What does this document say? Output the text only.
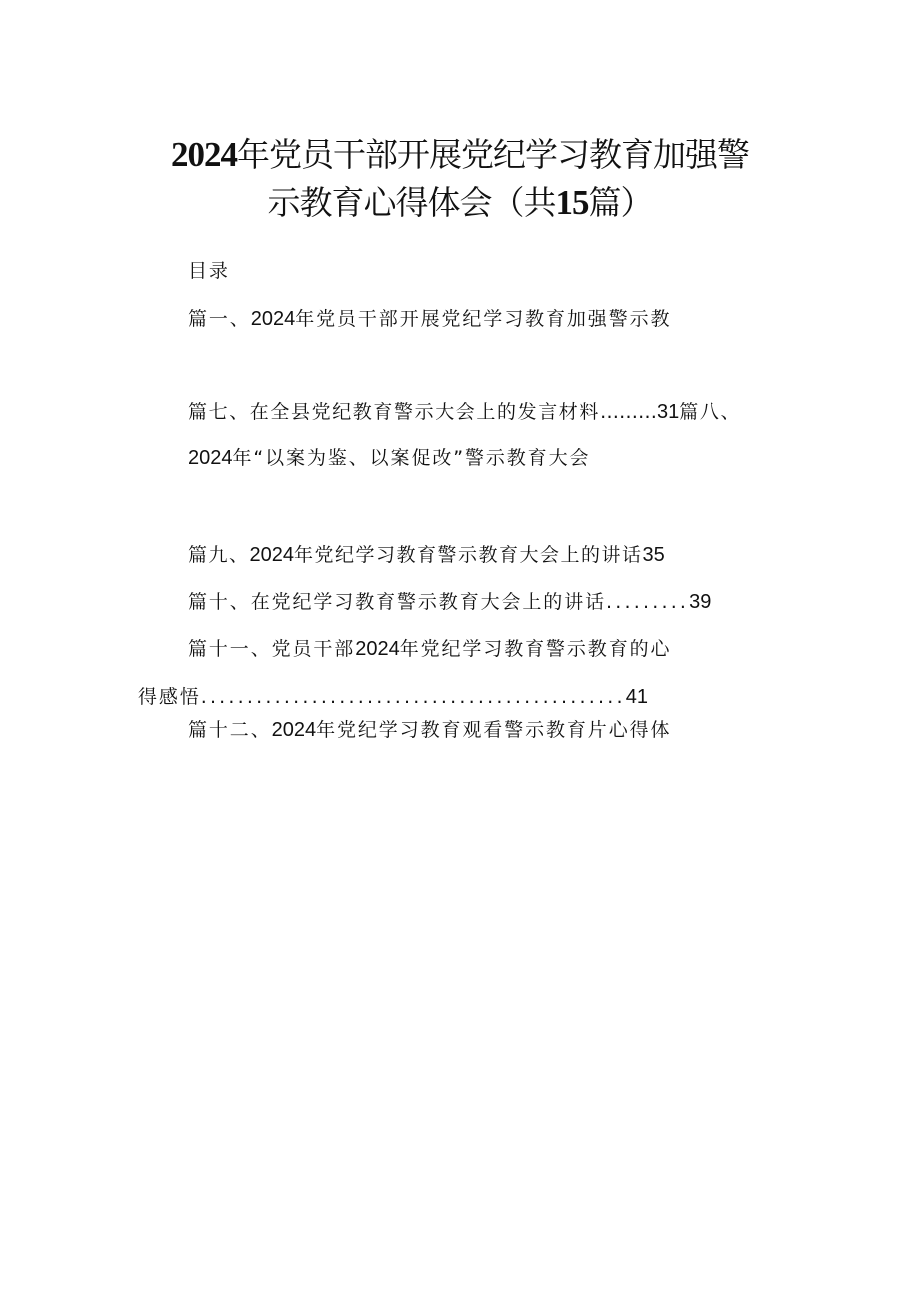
2024年党员干部开展党纪学习教育加强警
示教育心得体会（共15篇）
目录
篇一、2024年党员干部开展党纪学习教育加强警示教
篇七、在全县党纪教育警示大会上的发言材料………31篇八、
2024年“以案为鉴、以案促改”警示教育大会
篇九、2024年党纪学习教育警示教育大会上的讲话35
篇十、在党纪学习教育警示教育大会上的讲话.........39
篇十一、党员干部2024年党纪学习教育警示教育的心
得感悟..............................................41
篇十二、2024年党纪学习教育观看警示教育片心得体
